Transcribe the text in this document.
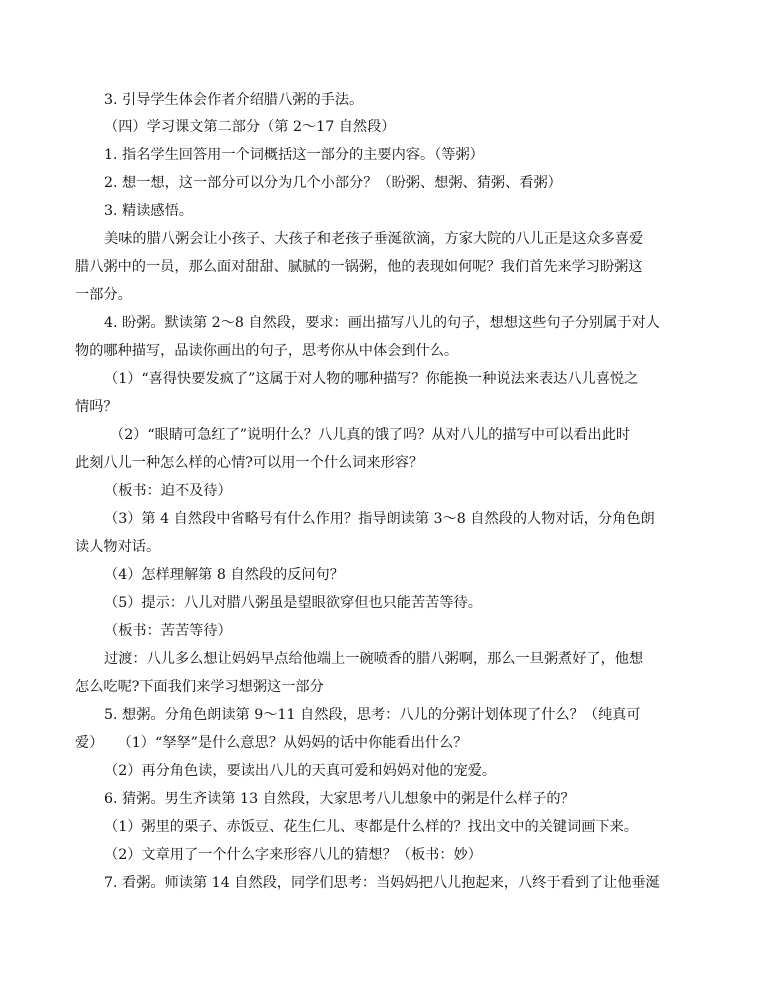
3. 引导学生体会作者介绍腊八粥的手法。
（四）学习课文第二部分（第 2～17 自然段）
1. 指名学生回答用一个词概括这一部分的主要内容。（等粥）
2. 想一想，这一部分可以分为几个小部分？（盼粥、想粥、猜粥、看粥）
3. 精读感悟。
美味的腊八粥会让小孩子、大孩子和老孩子垂涎欲滴，方家大院的八儿正是这众多喜爱
腊八粥中的一员，那么面对甜甜、腻腻的一锅粥，他的表现如何呢？我们首先来学习盼粥这
一部分。
4. 盼粥。默读第 2～8 自然段，要求：画出描写八儿的句子，想想这些句子分别属于对人
物的哪种描写，品读你画出的句子，思考你从中体会到什么。
（1）“喜得快要发疯了”这属于对人物的哪种描写？你能换一种说法来表达八儿喜悦之
情吗？
（2）“眼睛可急红了”说明什么？八儿真的饿了吗？从对八儿的描写中可以看出此时
此刻八儿一种怎么样的心情?可以用一个什么词来形容？
（板书：迫不及待）
（3）第 4 自然段中省略号有什么作用？指导朗读第 3～8 自然段的人物对话，分角色朗
读人物对话。
（4）怎样理解第 8 自然段的反问句？
（5）提示：八儿对腊八粥虽是望眼欲穿但也只能苦苦等待。
（板书：苦苦等待）
过渡：八儿多么想让妈妈早点给他端上一碗喷香的腊八粥啊，那么一旦粥煮好了，他想
怎么吃呢?下面我们来学习想粥这一部分
5. 想粥。分角色朗读第 9～11 自然段，思考：八儿的分粥计划体现了什么？（纯真可
爱）　　（1）“孥孥”是什么意思？从妈妈的话中你能看出什么？
（2）再分角色读，要读出八儿的天真可爱和妈妈对他的宠爱。
6. 猜粥。男生齐读第 13 自然段，大家思考八儿想象中的粥是什么样子的？
（1）粥里的栗子、赤饭豆、花生仁儿、枣都是什么样的？找出文中的关键词画下来。
（2）文章用了一个什么字来形容八儿的猜想？（板书：妙）
7. 看粥。师读第 14 自然段，同学们思考：当妈妈把八儿抱起来，八终于看到了让他垂涎
